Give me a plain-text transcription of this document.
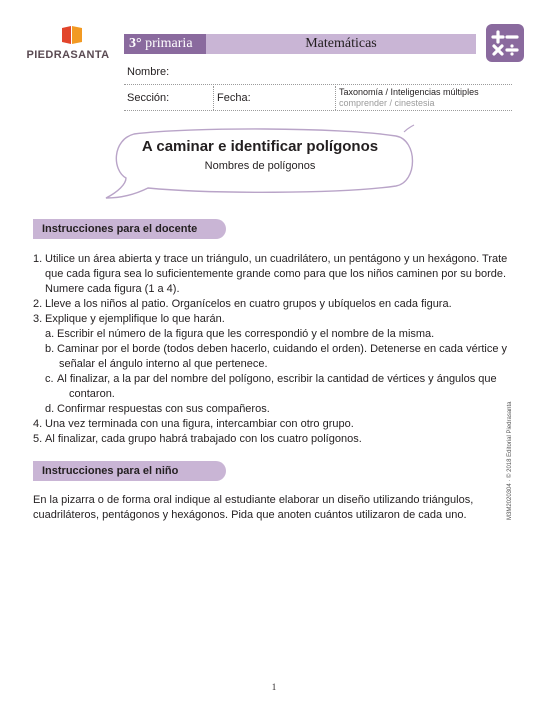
PIEDRASANTA
3° primaria	Matemáticas
Nombre:
Sección:	Fecha:	Taxonomía / Inteligencias múltiples
comprender / cinestesia
A caminar e identificar polígonos
Nombres de polígonos
Instrucciones para el docente
1. Utilice un área abierta y trace un triángulo, un cuadrilátero, un pentágono y un hexágono. Trate
que cada figura sea lo suficientemente grande como para que los niños caminen por su borde.
Numere cada figura (1 a 4).
2. Lleve a los niños al patio. Organícelos en cuatro grupos y ubíquelos en cada figura.
3. Explique y ejemplifique lo que harán.
a. Escribir el número de la figura que les correspondió y el nombre de la misma.
b. Caminar por el borde (todos deben hacerlo, cuidando el orden). Detenerse en cada vértice y
señalar el ángulo interno al que pertenece.
c. Al finalizar, a la par del nombre del polígono, escribir la cantidad de vértices y ángulos que
contaron.
d. Confirmar respuestas con sus compañeros.
4. Una vez terminada con una figura, intercambiar con otro grupo.
5. Al finalizar, cada grupo habrá trabajado con los cuatro polígonos.
Instrucciones para el niño
En la pizarra o de forma oral indique al estudiante elaborar un diseño utilizando triángulos,
cuadriláteros, pentágonos y hexágonos. Pida que anoten cuántos utilizaron de cada uno.	M3M2020304 · © 2018 Editorial Piedrasanta
1
